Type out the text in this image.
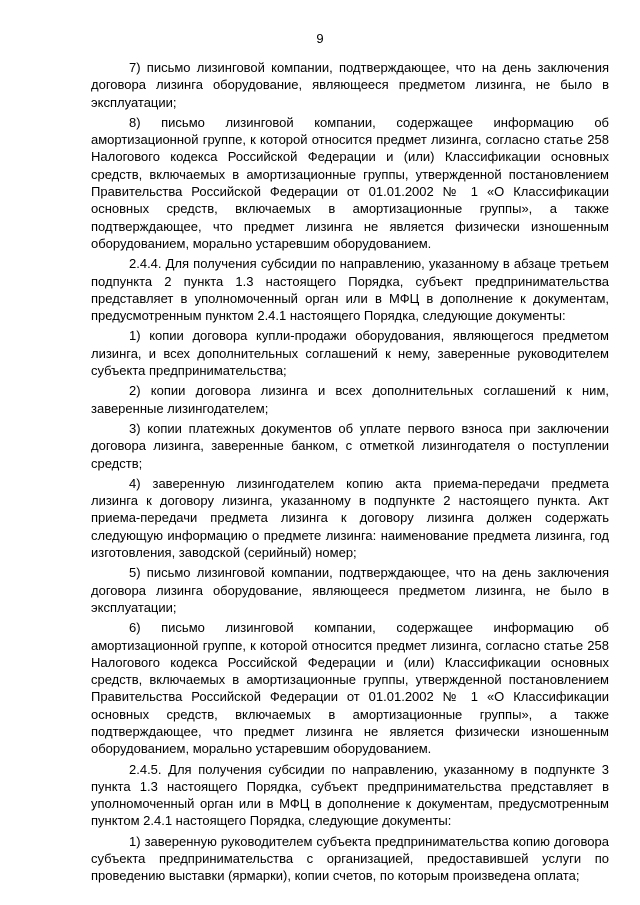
9

7) письмо лизинговой компании, подтверждающее, что на день заключения договора лизинга оборудование, являющееся предметом лизинга, не было в эксплуатации;

8) письмо лизинговой компании, содержащее информацию об амортизационной группе, к которой относится предмет лизинга, согласно статье 258 Налогового кодекса Российской Федерации и (или) Классификации основных средств, включаемых в амортизационные группы, утвержденной постановлением Правительства Российской Федерации от 01.01.2002 № 1 «О Классификации основных средств, включаемых в амортизационные группы», а также подтверждающее, что предмет лизинга не является физически изношенным оборудованием, морально устаревшим оборудованием.

2.4.4. Для получения субсидии по направлению, указанному в абзаце третьем подпункта 2 пункта 1.3 настоящего Порядка, субъект предпринимательства представляет в уполномоченный орган или в МФЦ в дополнение к документам, предусмотренным пунктом 2.4.1 настоящего Порядка, следующие документы:

1) копии договора купли-продажи оборудования, являющегося предметом лизинга, и всех дополнительных соглашений к нему, заверенные руководителем субъекта предпринимательства;

2) копии договора лизинга и всех дополнительных соглашений к ним, заверенные лизингодателем;

3) копии платежных документов об уплате первого взноса при заключении договора лизинга, заверенные банком, с отметкой лизингодателя о поступлении средств;

4) заверенную лизингодателем копию акта приема-передачи предмета лизинга к договору лизинга, указанному в подпункте 2 настоящего пункта. Акт приема-передачи предмета лизинга к договору лизинга должен содержать следующую информацию о предмете лизинга: наименование предмета лизинга, год изготовления, заводской (серийный) номер;

5) письмо лизинговой компании, подтверждающее, что на день заключения договора лизинга оборудование, являющееся предметом лизинга, не было в эксплуатации;

6) письмо лизинговой компании, содержащее информацию об амортизационной группе, к которой относится предмет лизинга, согласно статье 258 Налогового кодекса Российской Федерации и (или) Классификации основных средств, включаемых в амортизационные группы, утвержденной постановлением Правительства Российской Федерации от 01.01.2002 № 1 «О Классификации основных средств, включаемых в амортизационные группы», а также подтверждающее, что предмет лизинга не является физически изношенным оборудованием, морально устаревшим оборудованием.

2.4.5. Для получения субсидии по направлению, указанному в подпункте 3 пункта 1.3 настоящего Порядка, субъект предпринимательства представляет в уполномоченный орган или в МФЦ в дополнение к документам, предусмотренным пунктом 2.4.1 настоящего Порядка, следующие документы:

1) заверенную руководителем субъекта предпринимательства копию договора субъекта предпринимательства с организацией, предоставившей услуги по проведению выставки (ярмарки), копии счетов, по которым произведена оплата;
